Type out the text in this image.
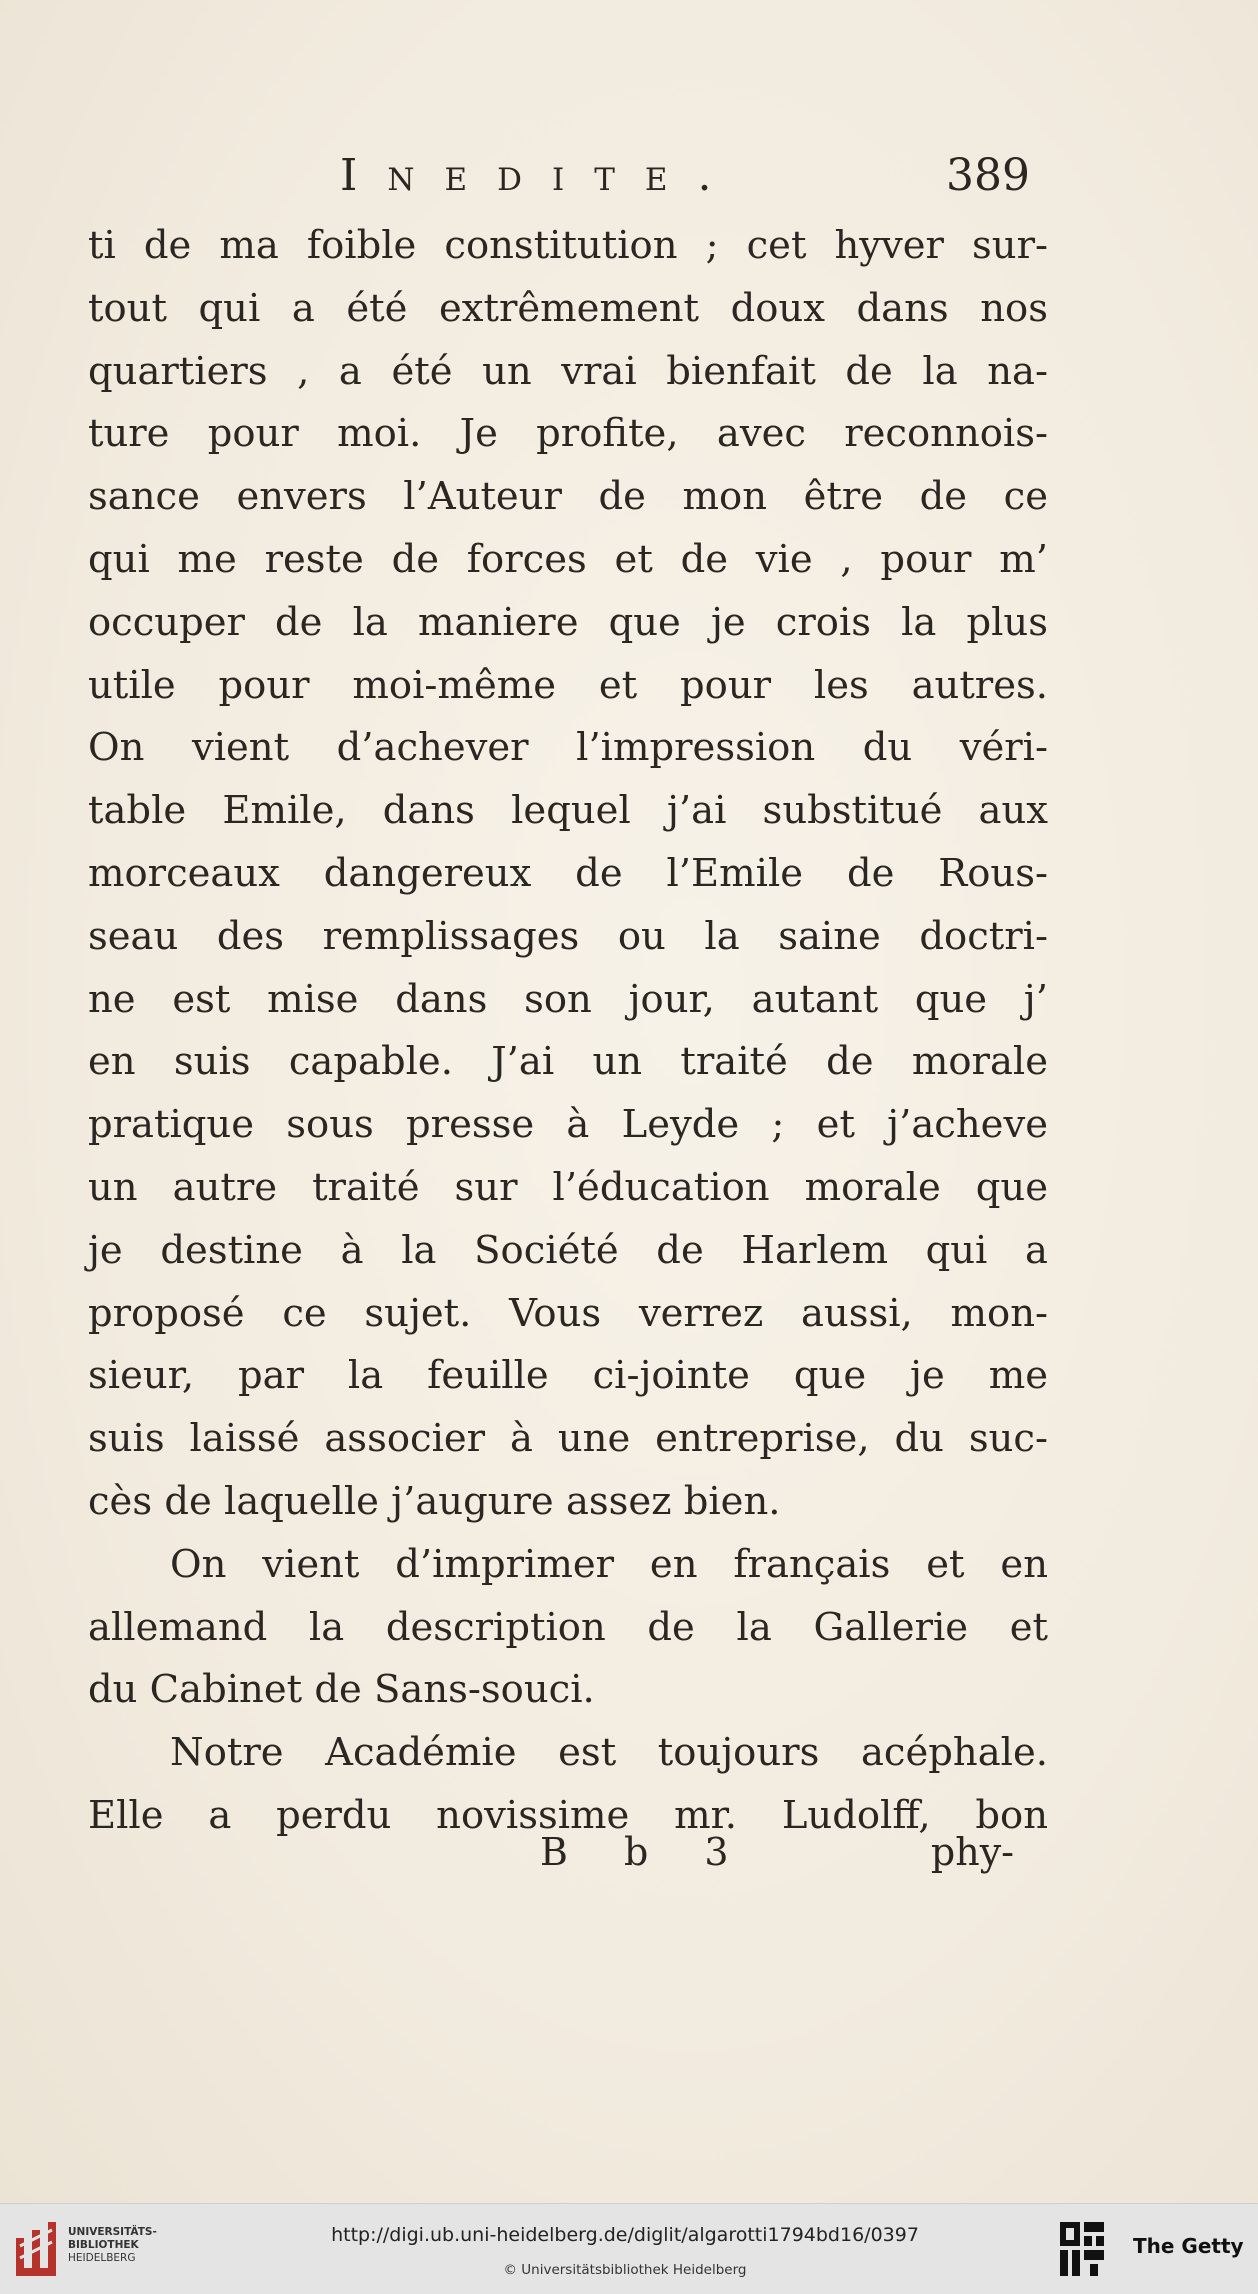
Inedite.	389
ti de ma foible constitution ; cet hyver sur-
tout qui a été extrêmement doux dans nos
quartiers , a été un vrai bienfait de la na-
ture pour moi. Je profite, avec reconnois-
sance envers l’Auteur de mon être de ce
qui me reste de forces et de vie , pour m’
occuper de la maniere que je crois la plus
utile pour moi-même et pour les autres.
On vient d’achever l’impression du véri-
table Emile, dans lequel j’ai substitué aux
morceaux dangereux de l’Emile de Rous-
seau des remplissages ou la saine doctri-
ne est mise dans son jour, autant que j’
en suis capable. J’ai un traité de morale
pratique sous presse à Leyde ; et j’acheve
un autre traité sur l’éducation morale que
je destine à la Société de Harlem qui a
proposé ce sujet. Vous verrez aussi, mon-
sieur, par la feuille ci-jointe que je me
suis laissé associer à une entreprise, du suc-
cès de laquelle j’augure assez bien.
On vient d’imprimer en français et en
allemand la description de la Gallerie et
du Cabinet de Sans-souci.
Notre Académie est toujours acéphale.
Elle a perdu novissime mr. Ludolff, bon
B b 3	phy-
UNIVERSITÄTS-
BIBLIOTHEK
HEIDELBERG
http://digi.ub.uni-heidelberg.de/diglit/algarotti1794bd16/0397
© Universitätsbibliothek Heidelberg
The Getty
